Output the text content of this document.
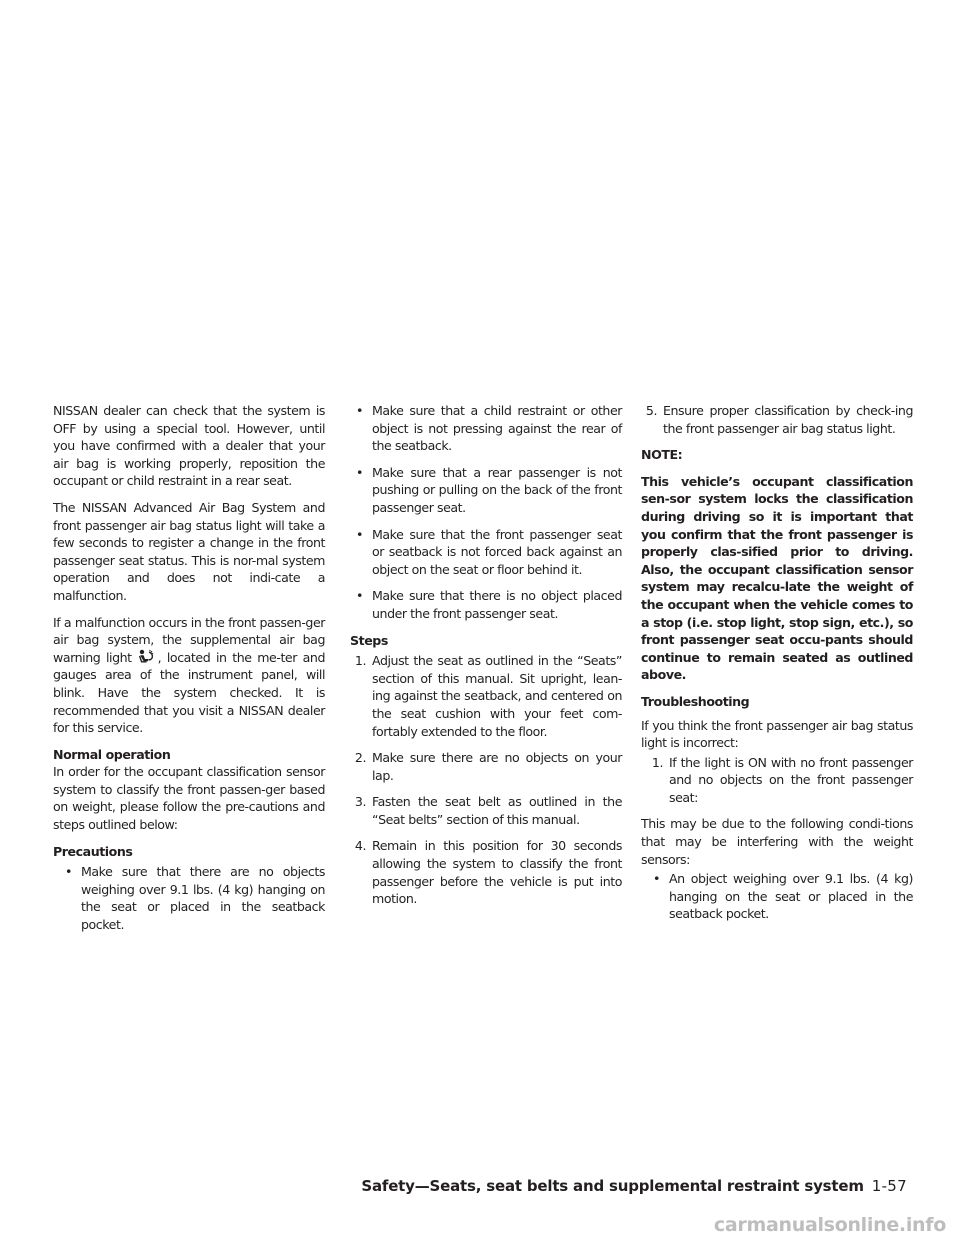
NISSAN dealer can check that the system is OFF by using a special tool. However, until you have confirmed with a dealer that your air bag is working properly, reposition the occupant or child restraint in a rear seat.

The NISSAN Advanced Air Bag System and front passenger air bag status light will take a few seconds to register a change in the front passenger seat status. This is nor-mal system operation and does not indi-cate a malfunction.

If a malfunction occurs in the front passen-ger air bag system, the supplemental air bag warning light , located in the me-ter and gauges area of the instrument panel, will blink. Have the system checked. It is recommended that you visit a NISSAN dealer for this service.

Normal operation

In order for the occupant classification sensor system to classify the front passen-ger based on weight, please follow the pre-cautions and steps outlined below:

Precautions
• Make sure that there are no objects weighing over 9.1 lbs. (4 kg) hanging on the seat or placed in the seatback pocket.
• Make sure that a child restraint or other object is not pressing against the rear of the seatback.
• Make sure that a rear passenger is not pushing or pulling on the back of the front passenger seat.
• Make sure that the front passenger seat or seatback is not forced back against an object on the seat or floor behind it.
• Make sure that there is no object placed under the front passenger seat.
Steps
1. Adjust the seat as outlined in the “Seats” section of this manual. Sit upright, lean-ing against the seatback, and centered on the seat cushion with your feet com-fortably extended to the floor.
2. Make sure there are no objects on your lap.
3. Fasten the seat belt as outlined in the “Seat belts” section of this manual.
4. Remain in this position for 30 seconds allowing the system to classify the front passenger before the vehicle is put into motion.
5. Ensure proper classification by check-ing the front passenger air bag status light.

NOTE:

This vehicle’s occupant classification sen-sor system locks the classification during driving so it is important that you confirm that the front passenger is properly clas-sified prior to driving. Also, the occupant classification sensor system may recalcu-late the weight of the occupant when the vehicle comes to a stop (i.e. stop light, stop sign, etc.), so front passenger seat occu-pants should continue to remain seated as outlined above.

Troubleshooting

If you think the front passenger air bag status light is incorrect:

1. If the light is ON with no front passenger and no objects on the front passenger seat:

This may be due to the following condi-tions that may be interfering with the weight sensors:

• An object weighing over 9.1 lbs. (4 kg) hanging on the seat or placed in the seatback pocket.
Safety—Seats, seat belts and supplemental restraint system 1-57
carmanualsonline.info
